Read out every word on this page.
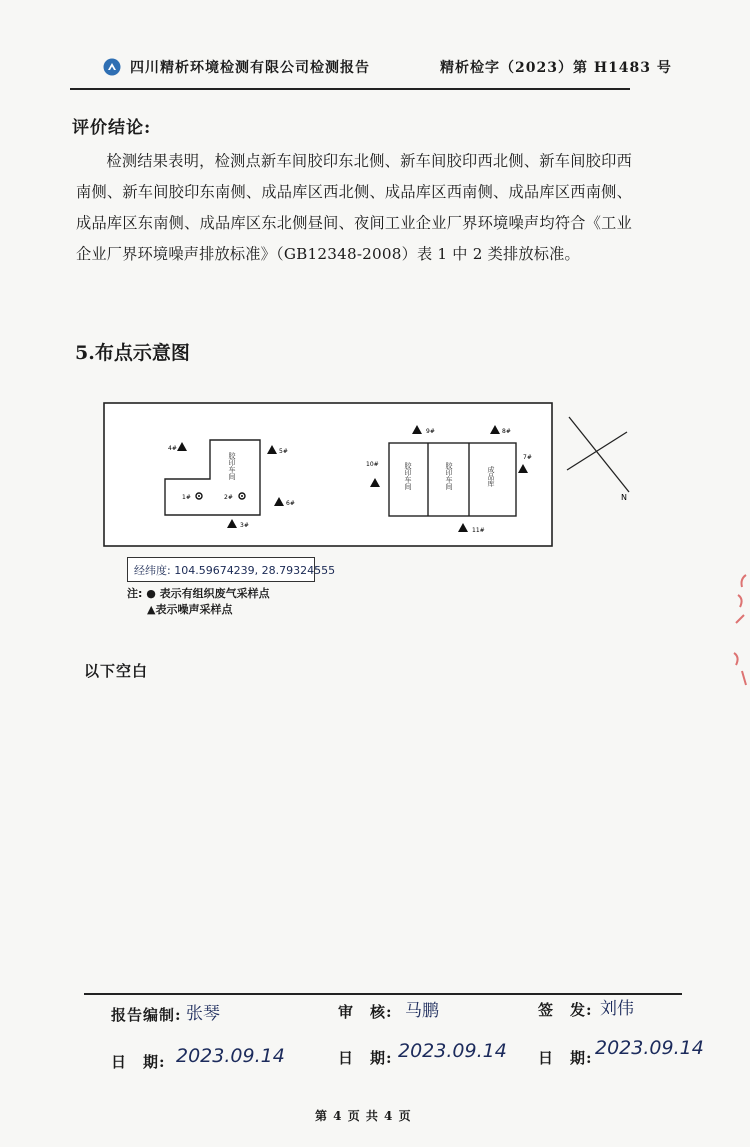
四川精析环境检测有限公司检测报告	精析检字（2023）第 H1483 号
评价结论:
检测结果表明，检测点新车间胶印东北侧、新车间胶印西北侧、新车间胶印西南侧、新车间胶印东南侧、成品库区西北侧、成品库区西南侧、成品库区西南侧、成品库区东南侧、成品库区东北侧昼间、夜间工业企业厂界环境噪声均符合《工业企业厂界环境噪声排放标准》（GB12348-2008）表 1 中 2 类排放标准。
5.布点示意图
胶印车间
4#	5#
6#
3#
1#	2#
胶印车间	胶印车间	成品库
9#	8#
7#
10#
11#
N
经纬度: 104.59674239, 28.79324555
注: ● 表示有组织废气采样点
▲表示噪声采样点
以下空白
报告编制: 张琴	审　核: 马鹏	签　发: 刘伟
日　期: 2023.09.14	日　期: 2023.09.14 日　期: 2023.09.14
第 4 页 共 4 页
